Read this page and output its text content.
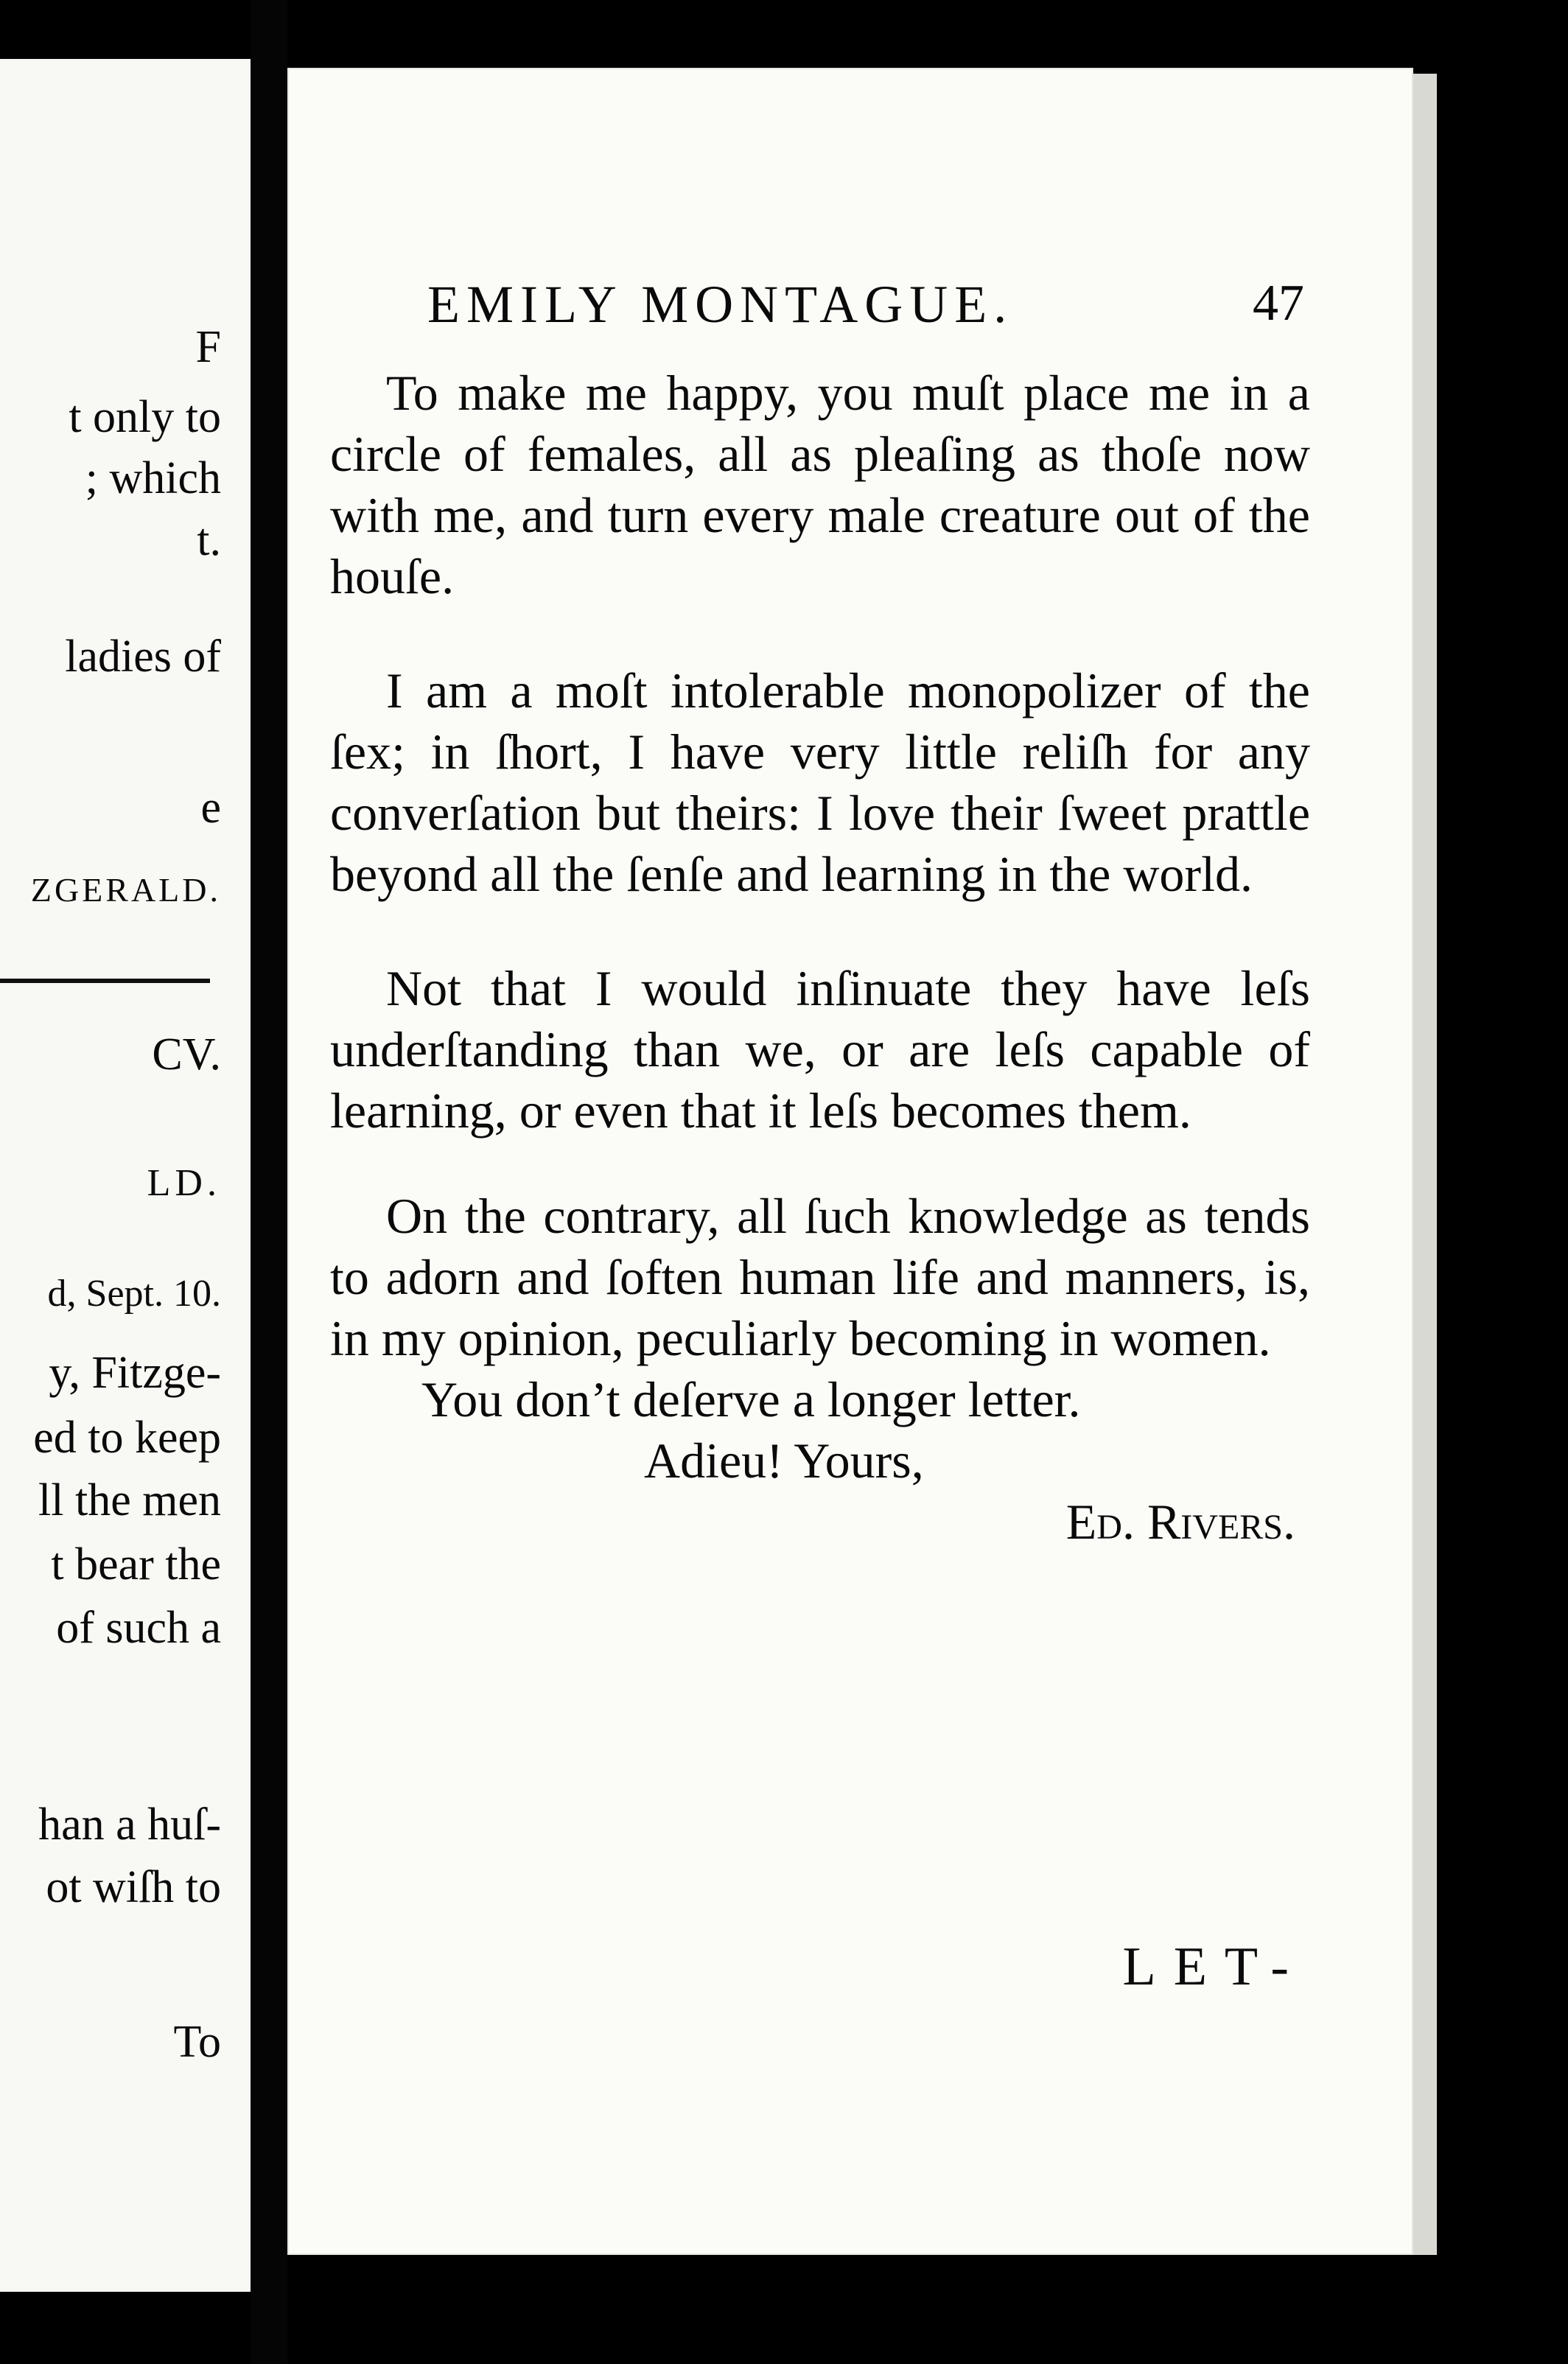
F
t only to
; which
t.
ladies of
e
ZGERALD.
CV.
LD.
d, Sept. 10.
y, Fitzge-
ed to keep
ll the men
t bear the
of such a
han a huſ-
ot wiſh to
To
EMILY MONTAGUE.	47

To make me happy, you muſt place me in a circle of females, all as pleaſing as thoſe now with me, and turn every male creature out of the houſe.

I am a moſt intolerable monopolizer of the ſex; in ſhort, I have very little reliſh for any converſation but theirs: I love their ſweet prattle beyond all the ſenſe and learning in the world.

Not that I would inſinuate they have leſs underſtanding than we, or are leſs capable of learning, or even that it leſs becomes them.

On the contrary, all ſuch knowledge as tends to adorn and ſoften human life and manners, is, in my opinion, peculiarly becoming in women.

You don’t deſerve a longer letter.

Adieu! Yours,

Ed. Rivers.

LET-
